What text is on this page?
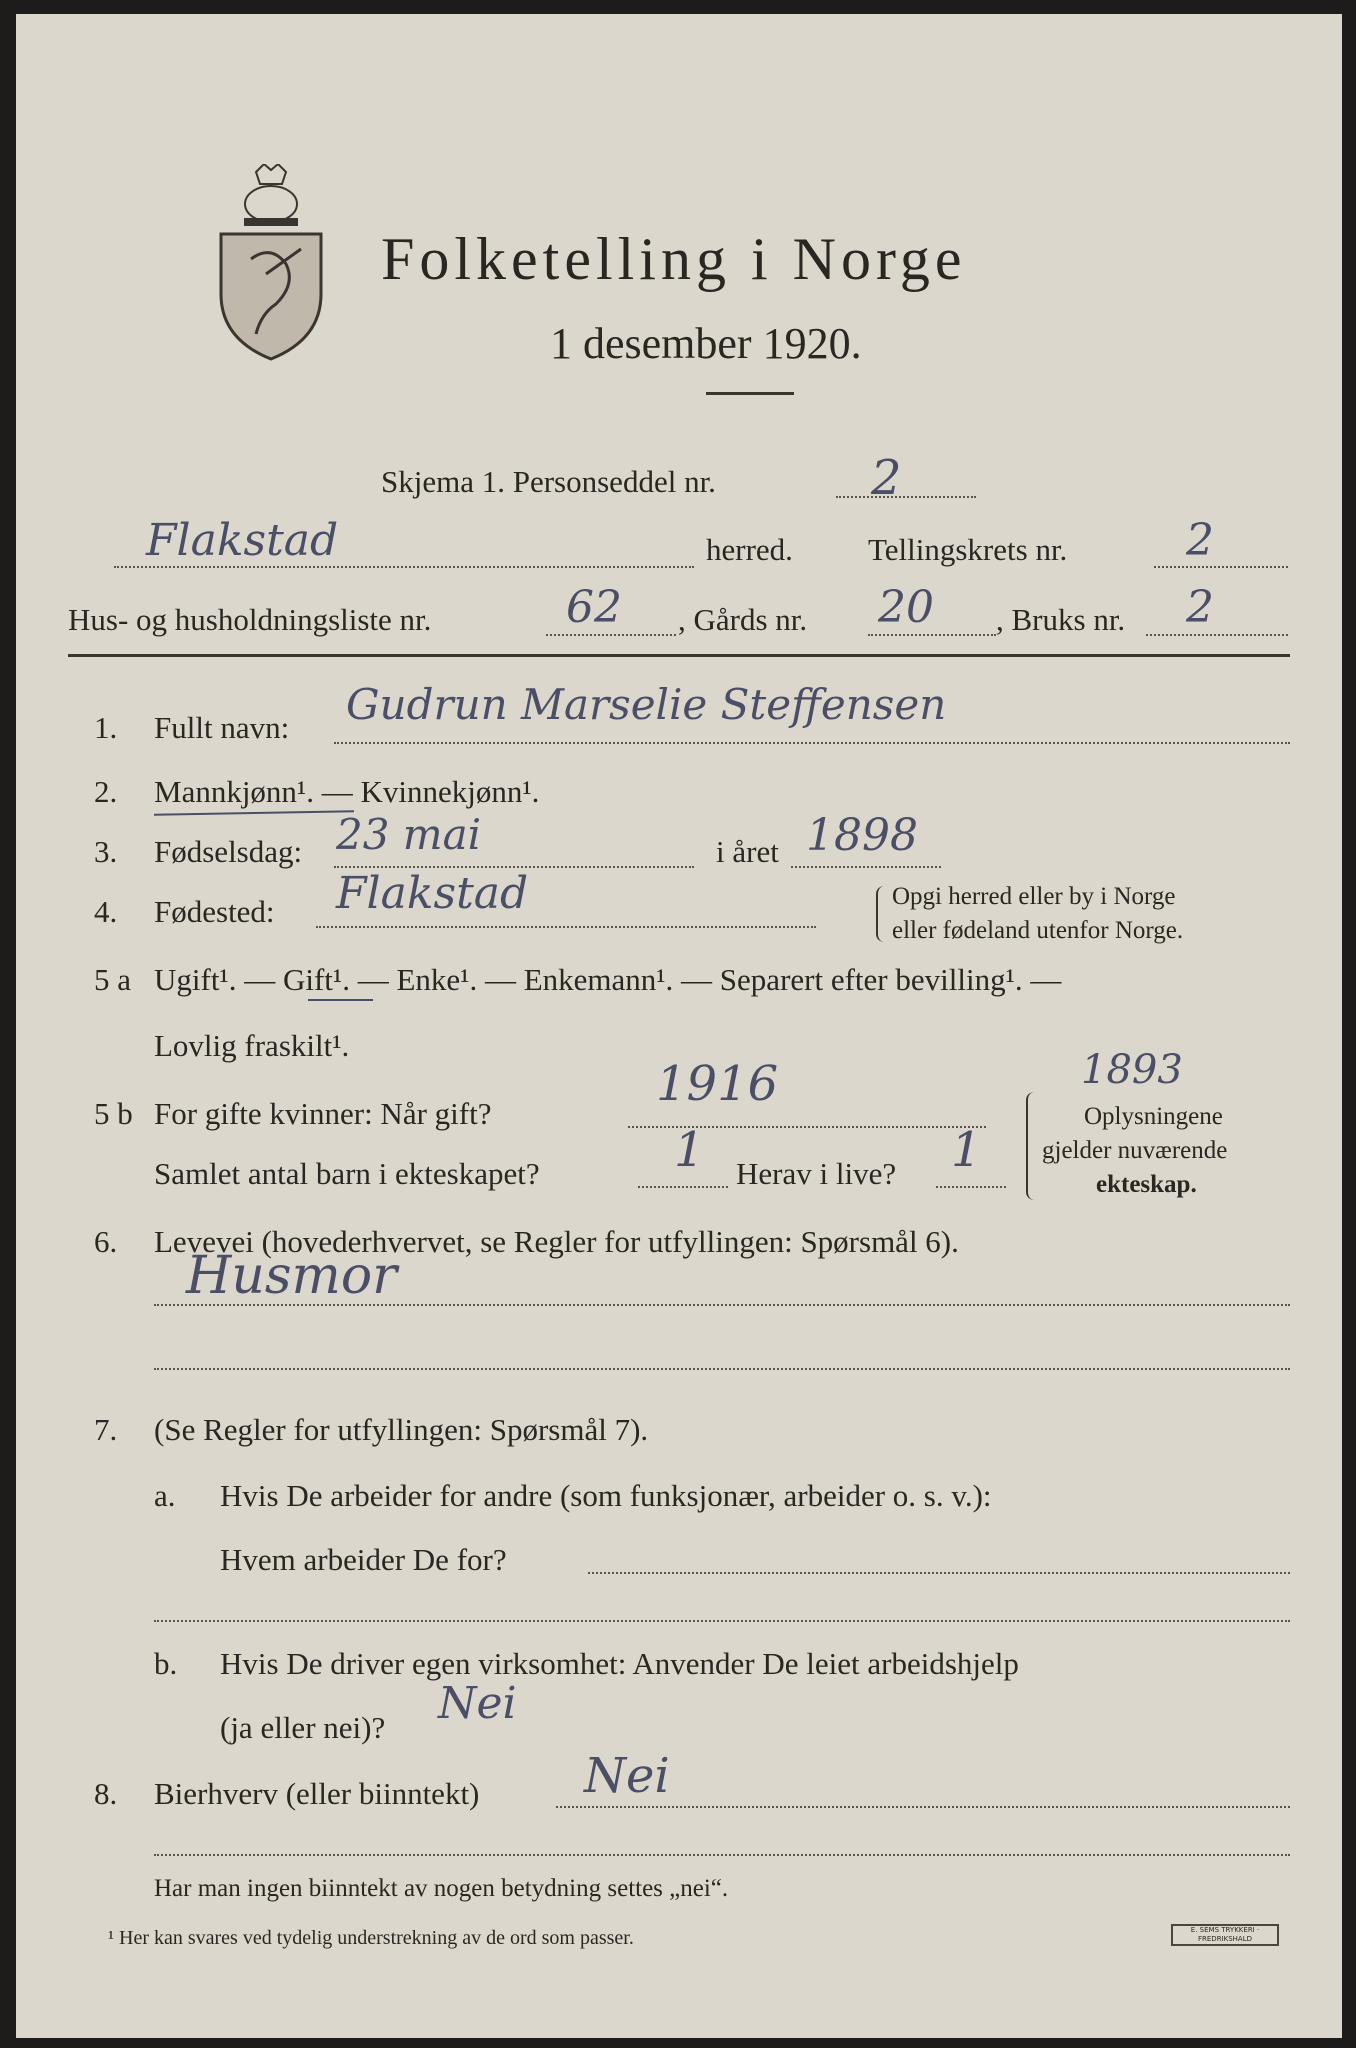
Folketelling i Norge
1 desember 1920.
Skjema 1. Personseddel nr.	2
Flakstad	herred. Tellingskrets nr.	2
Hus- og husholdningsliste nr.	62 , Gårds nr. 20 , Bruks nr. 2
1. Fullt navn: Gudrun Marselie Steffensen
2. Mannkjønn¹. — Kvinnekjønn¹.
3. Fødselsdag: 23 mai	i året 1898
4. Fødested: Flakstad	Opgi herred eller by i Norge
eller fødeland utenfor Norge.
5 a Ugift¹. — Gift¹. — Enke¹. — Enkemann¹. — Separert efter bevilling¹. —
Lovlig fraskilt¹.
5 b For gifte kvinner: Når gift?
1916	1893
Samlet antal barn i ekteskapet?	1 Herav i live? 1
Oplysningene
gjelder nuværende
ekteskap.
6. Levevei (hovederhvervet, se Regler for utfyllingen: Spørsmål 6).
Husmor
7. (Se Regler for utfyllingen: Spørsmål 7).
a. Hvis De arbeider for andre (som funksjonær, arbeider o. s. v.):
Hvem arbeider De for?
b. Hvis De driver egen virksomhet: Anvender De leiet arbeidshjelp
(ja eller nei)? Nei
8. Bierhverv (eller biinntekt) Nei
Har man ingen biinntekt av nogen betydning settes „nei“.
¹ Her kan svares ved tydelig understrekning av de ord som passer.	E. SEMS TRYKKERI · FREDRIKSHALD
